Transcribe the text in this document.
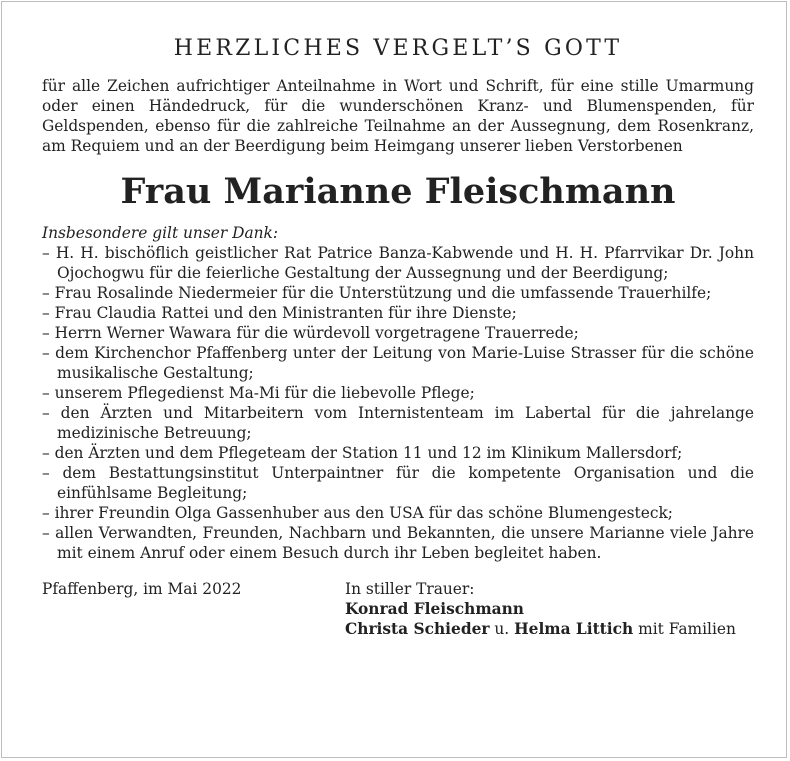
HERZLICHES VERGELT’S GOTT

für alle Zeichen aufrichtiger Anteilnahme in Wort und Schrift, für eine stille Umarmung oder einen Händedruck, für die wunderschönen Kranz- und Blumenspenden, für Geldspenden, ebenso für die zahlreiche Teilnahme an der Aussegnung, dem Rosenkranz, am Requiem und an der Beerdigung beim Heimgang unserer lieben Verstorbenen

Frau Marianne Fleischmann

Insbesondere gilt unser Dank:

– H. H. bischöflich geistlicher Rat Patrice Banza-Kabwende und H. H. Pfarrvikar Dr. John Ojochogwu für die feierliche Gestaltung der Aussegnung und der Beerdigung;
– Frau Rosalinde Niedermeier für die Unterstützung und die umfassende Trauerhilfe;
– Frau Claudia Rattei und den Ministranten für ihre Dienste;
– Herrn Werner Wawara für die würdevoll vorgetragene Trauerrede;
– dem Kirchenchor Pfaffenberg unter der Leitung von Marie-Luise Strasser für die schöne musikalische Gestaltung;
– unserem Pflegedienst Ma-Mi für die liebevolle Pflege;
– den Ärzten und Mitarbeitern vom Internistenteam im Labertal für die jahrelange medizinische Betreuung;
– den Ärzten und dem Pflegeteam der Station 11 und 12 im Klinikum Mallersdorf;
– dem Bestattungsinstitut Unterpaintner für die kompetente Organisation und die einfühlsame Begleitung;
– ihrer Freundin Olga Gassenhuber aus den USA für das schöne Blumengesteck;
– allen Verwandten, Freunden, Nachbarn und Bekannten, die unsere Marianne viele Jahre mit einem Anruf oder einem Besuch durch ihr Leben begleitet haben.
Pfaffenberg, im Mai 2022	In stiller Trauer:
Konrad Fleischmann
Christa Schieder u. Helma Littich mit Familien
